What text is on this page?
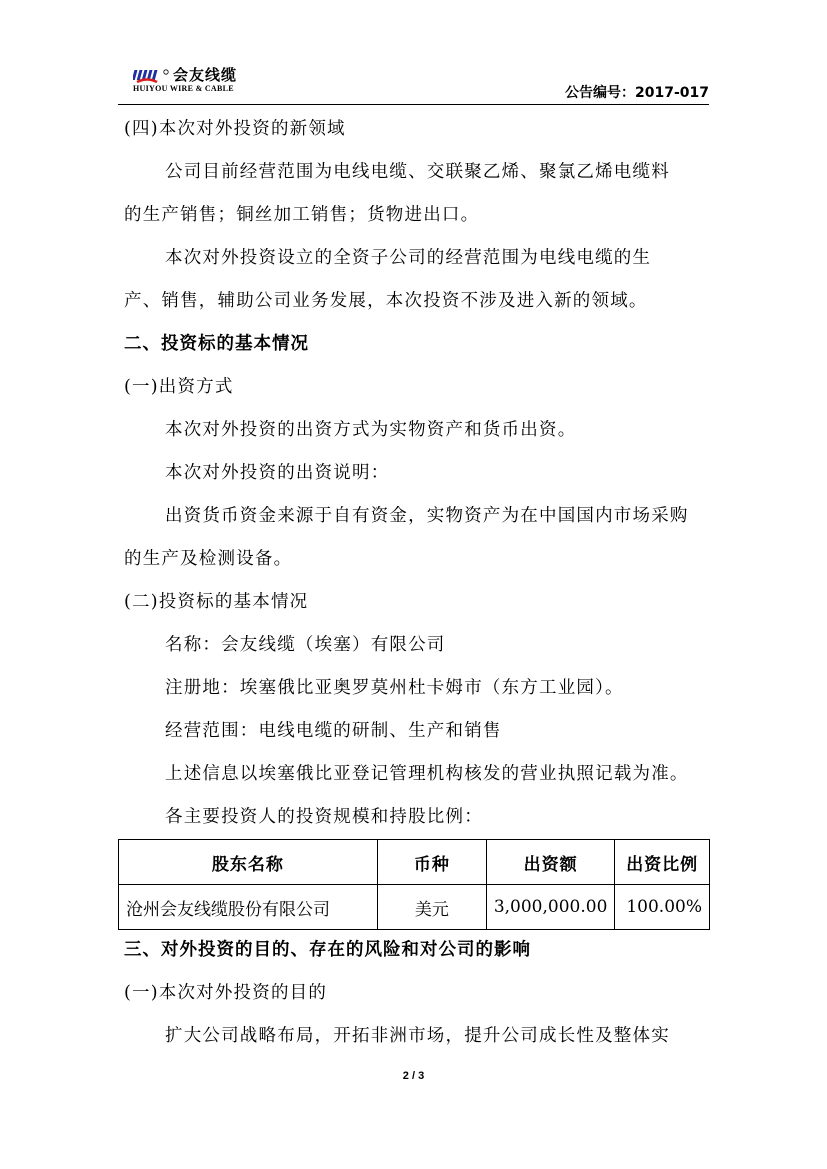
会友线缆
HUIYOU WIRE & CABLE	公告编号：2017-017
(四)本次对外投资的新领域
公司目前经营范围为电线电缆、交联聚乙烯、聚氯乙烯电缆料
的生产销售；铜丝加工销售；货物进出口。
本次对外投资设立的全资子公司的经营范围为电线电缆的生
产、销售，辅助公司业务发展，本次投资不涉及进入新的领域。
二、投资标的基本情况
(一)出资方式
本次对外投资的出资方式为实物资产和货币出资。
本次对外投资的出资说明：
出资货币资金来源于自有资金，实物资产为在中国国内市场采购
的生产及检测设备。
(二)投资标的基本情况
名称：会友线缆（埃塞）有限公司
注册地：埃塞俄比亚奥罗莫州杜卡姆市（东方工业园）。
经营范围：电线电缆的研制、生产和销售
上述信息以埃塞俄比亚登记管理机构核发的营业执照记载为准。
各主要投资人的投资规模和持股比例：
股东名称	币种	出资额	出资比例
沧州会友线缆股份有限公司	美元	3,000,000.00	100.00%
三、对外投资的目的、存在的风险和对公司的影响
(一)本次对外投资的目的
扩大公司战略布局，开拓非洲市场，提升公司成长性及整体实
2 / 3
